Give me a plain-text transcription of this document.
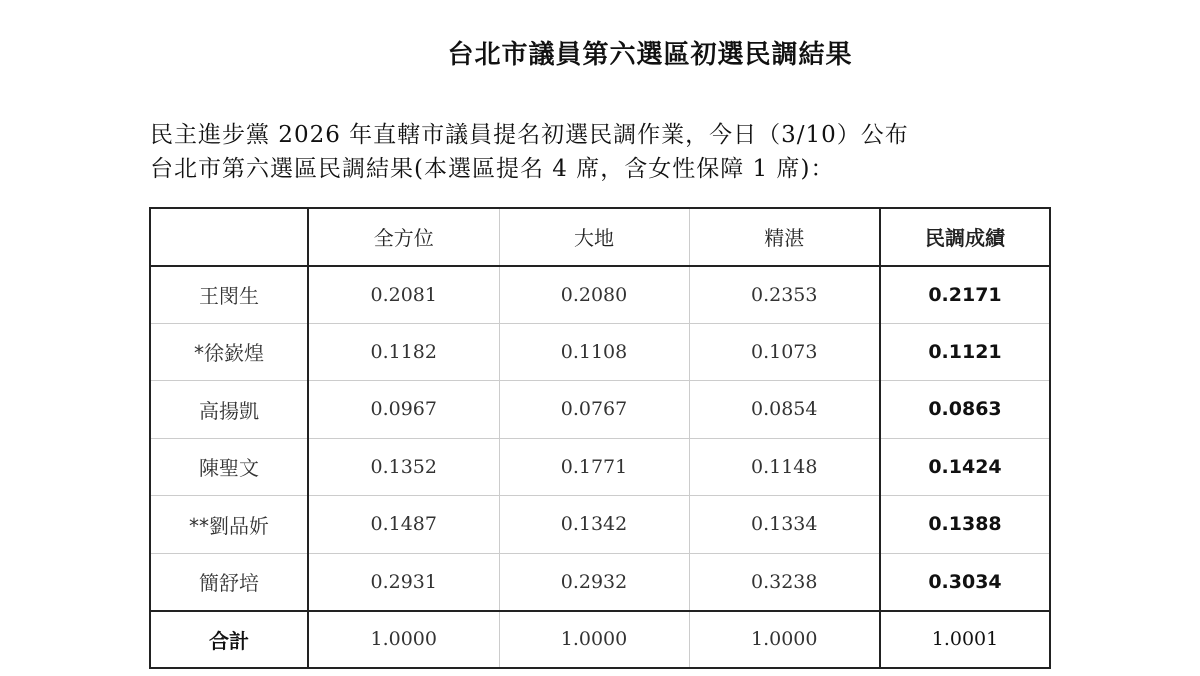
台北市議員第六選區初選民調結果
民主進步黨 2026 年直轄市議員提名初選民調作業，今日（3/10）公布
台北市第六選區民調結果(本選區提名 4 席，含女性保障 1 席)：
	全方位	大地	精湛	民調成績
王閔生	0.2081	0.2080	0.2353	0.2171
*徐嶔煌	0.1182	0.1108	0.1073	0.1121
高揚凱	0.0967	0.0767	0.0854	0.0863
陳聖文	0.1352	0.1771	0.1148	0.1424
**劉品妡	0.1487	0.1342	0.1334	0.1388
簡舒培	0.2931	0.2932	0.3238	0.3034
合計	1.0000	1.0000	1.0000	1.0001
